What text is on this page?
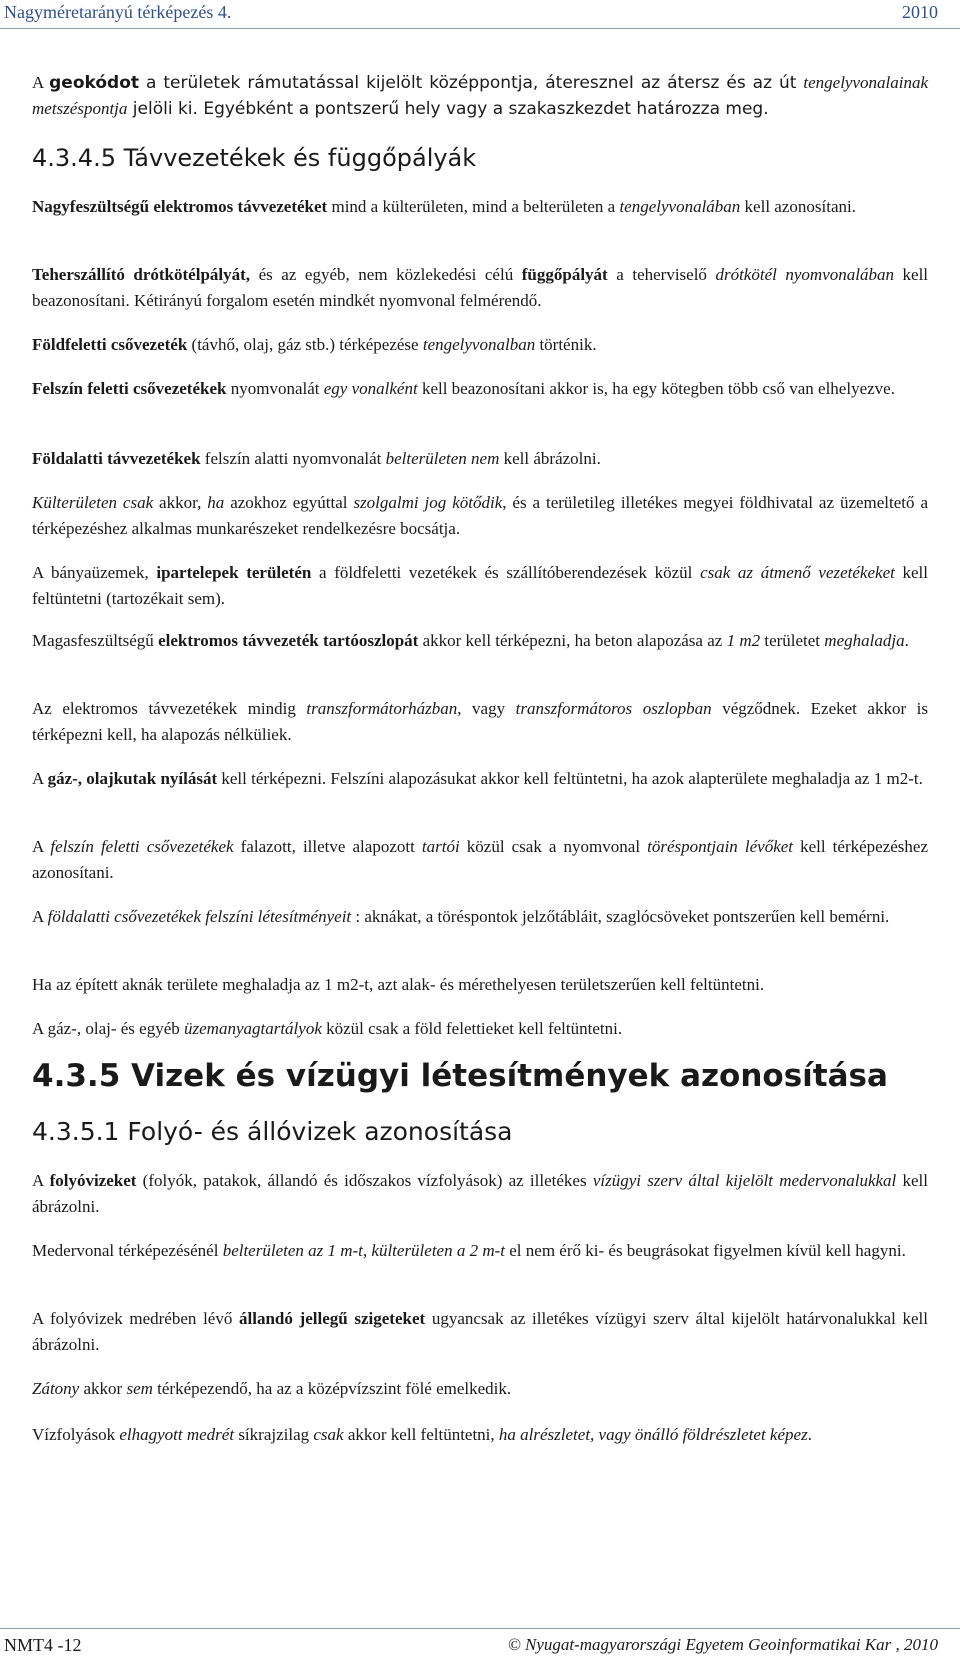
Nagyméretarányú térképezés 4.	2010

A geokódot a területek rámutatással kijelölt középpontja, átereszneI az átersz és az út tengelyvonalainak metszéspontja jelöli ki. Egyébként a pontszerű hely vagy a szakaszkezdet határozza meg.

4.3.4.5 Távvezetékek és függőpályák

Nagyfeszültségű elektromos távvezetéket mind a külterületen, mind a belterületen a tengelyvonalában kell azonosítani.

Teherszállító drótkötélpályát, és az egyéb, nem közlekedési célú függőpályát a teherviselő drótkötél nyomvonalában kell beazonosítani. Kétirányú forgalom esetén mindkét nyomvonal felmérendő.

Földfeletti csővezeték (távhő, olaj, gáz stb.) térképezése tengelyvonalban történik.

Felszín feletti csővezetékek nyomvonalát egy vonalként kell beazonosítani akkor is, ha egy kötegben több cső van elhelyezve.

Földalatti távvezetékek felszín alatti nyomvonalát belterületen nem kell ábrázolni.

Külterületen csak akkor, ha azokhoz egyúttal szolgalmi jog kötődik, és a területileg illetékes megyei földhivatal az üzemeltető a térképezéshez alkalmas munkarészeket rendelkezésre bocsátja.

A bányaüzemek, ipartelepek területén a földfeletti vezetékek és szállítóberendezések közül csak az átmenő vezetékeket kell feltüntetni (tartozékait sem).

Magasfeszültségű elektromos távvezeték tartóoszlopát akkor kell térképezni, ha beton alapozása az 1 m2 területet meghaladja.

Az elektromos távvezetékek mindig transzformátorházban, vagy transzformátoros oszlopban végződnek. Ezeket akkor is térképezni kell, ha alapozás nélküliek.

A gáz-, olajkutak nyílását kell térképezni. Felszíni alapozásukat akkor kell feltüntetni, ha azok alapterülete meghaladja az 1 m2-t.

A felszín feletti csővezetékek falazott, illetve alapozott tartói közül csak a nyomvonal töréspontjain lévőket kell térképezéshez azonosítani.

A földalatti csővezetékek felszíni létesítményeit : aknákat, a töréspontok jelzőtábláit, szaglócsöveket pontszerűen kell bemérni.

Ha az épített aknák területe meghaladja az 1 m2-t, azt alak- és mérethelyesen területszerűen kell feltüntetni.

A gáz-, olaj- és egyéb üzemanyagtartályok közül csak a föld felettieket kell feltüntetni.

4.3.5 Vizek és vízügyi létesítmények azonosítása
4.3.5.1 Folyó- és állóvizek azonosítása

A folyóvizeket (folyók, patakok, állandó és időszakos vízfolyások) az illetékes vízügyi szerv által kijelölt medervonalukkal kell ábrázolni.

Medervonal térképezésénél belterületen az 1 m-t, külterületen a 2 m-t el nem érő ki- és beugrásokat figyelmen kívül kell hagyni.

A folyóvizek medrében lévő állandó jellegű szigeteket ugyancsak az illetékes vízügyi szerv által kijelölt határvonalukkal kell ábrázolni.

Zátony akkor sem térképezendő, ha az a középvízszint fölé emelkedik.

Vízfolyások elhagyott medrét síkrajzilag csak akkor kell feltüntetni, ha alrészletet, vagy önálló földrészletet képez.

NMT4 -12	© Nyugat-magyarországi Egyetem Geoinformatikai Kar , 2010
